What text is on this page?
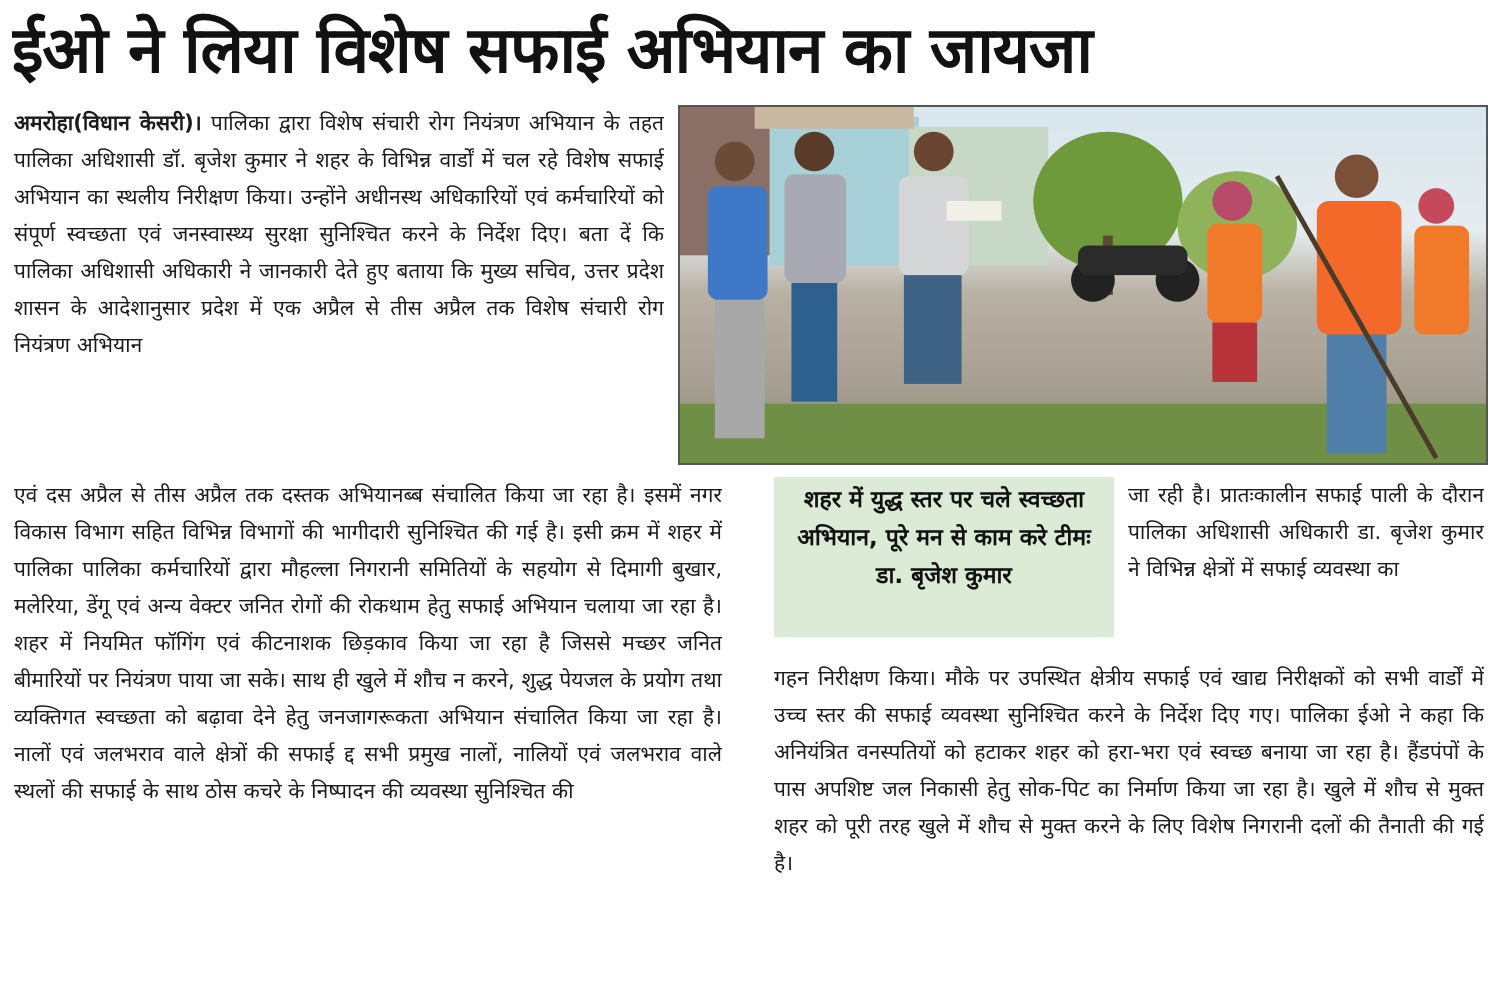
ईओ ने लिया विशेष सफाई अभियान का जायजा
अमरोहा(विधान केसरी)। पालिका द्वारा विशेष संचारी रोग नियंत्रण अभियान के तहत पालिका अधिशासी डॉ. बृजेश कुमार ने शहर के विभिन्न वार्डों में चल रहे विशेष सफाई अभियान का स्थलीय निरीक्षण किया। उन्होंने अधीनस्थ अधिकारियों एवं कर्मचारियों को संपूर्ण स्वच्छता एवं जनस्वास्थ्य सुरक्षा सुनिश्चित करने के निर्देश दिए। बता दें कि पालिका अधिशासी अधिकारी ने जानकारी देते हुए बताया कि मुख्य सचिव, उत्तर प्रदेश शासन के आदेशानुसार प्रदेश में एक अप्रैल से तीस अप्रैल तक विशेष संचारी रोग नियंत्रण अभियान
एवं दस अप्रैल से तीस अप्रैल तक दस्तक अभियानब्ब संचालित किया जा रहा है। इसमें नगर विकास विभाग सहित विभिन्न विभागों की भागीदारी सुनिश्चित की गई है। इसी क्रम में शहर में पालिका पालिका कर्मचारियों द्वारा मौहल्ला निगरानी समितियों के सहयोग से दिमागी बुखार, मलेरिया, डेंगू एवं अन्य वेक्टर जनित रोगों की रोकथाम हेतु सफाई अभियान चलाया जा रहा है। शहर में नियमित फॉगिंग एवं कीटनाशक छिड़काव किया जा रहा है जिससे मच्छर जनित बीमारियों पर नियंत्रण पाया जा सके। साथ ही खुले में शौच न करने, शुद्ध पेयजल के प्रयोग तथा व्यक्तिगत स्वच्छता को बढ़ावा देने हेतु जनजागरूकता अभियान संचालित किया जा रहा है। नालों एवं जलभराव वाले क्षेत्रों की सफाई द्द सभी प्रमुख नालों, नालियों एवं जलभराव वाले स्थलों की सफाई के साथ ठोस कचरे के निष्पादन की व्यवस्था सुनिश्चित की
शहर में युद्ध स्तर पर चले स्वच्छता अभियान, पूरे मन से काम करे टीमः डा. बृजेश कुमार
जा रही है। प्रातःकालीन सफाई पाली के दौरान पालिका अधिशासी अधिकारी डा. बृजेश कुमार ने विभिन्न क्षेत्रों में सफाई व्यवस्था का
गहन निरीक्षण किया। मौके पर उपस्थित क्षेत्रीय सफाई एवं खाद्य निरीक्षकों को सभी वार्डों में उच्च स्तर की सफाई व्यवस्था सुनिश्चित करने के निर्देश दिए गए। पालिका ईओ ने कहा कि अनियंत्रित वनस्पतियों को हटाकर शहर को हरा-भरा एवं स्वच्छ बनाया जा रहा है। हैंडपंपों के पास अपशिष्ट जल निकासी हेतु सोक-पिट का निर्माण किया जा रहा है। खुले में शौच से मुक्त शहर को पूरी तरह खुले में शौच से मुक्त करने के लिए विशेष निगरानी दलों की तैनाती की गई है।
